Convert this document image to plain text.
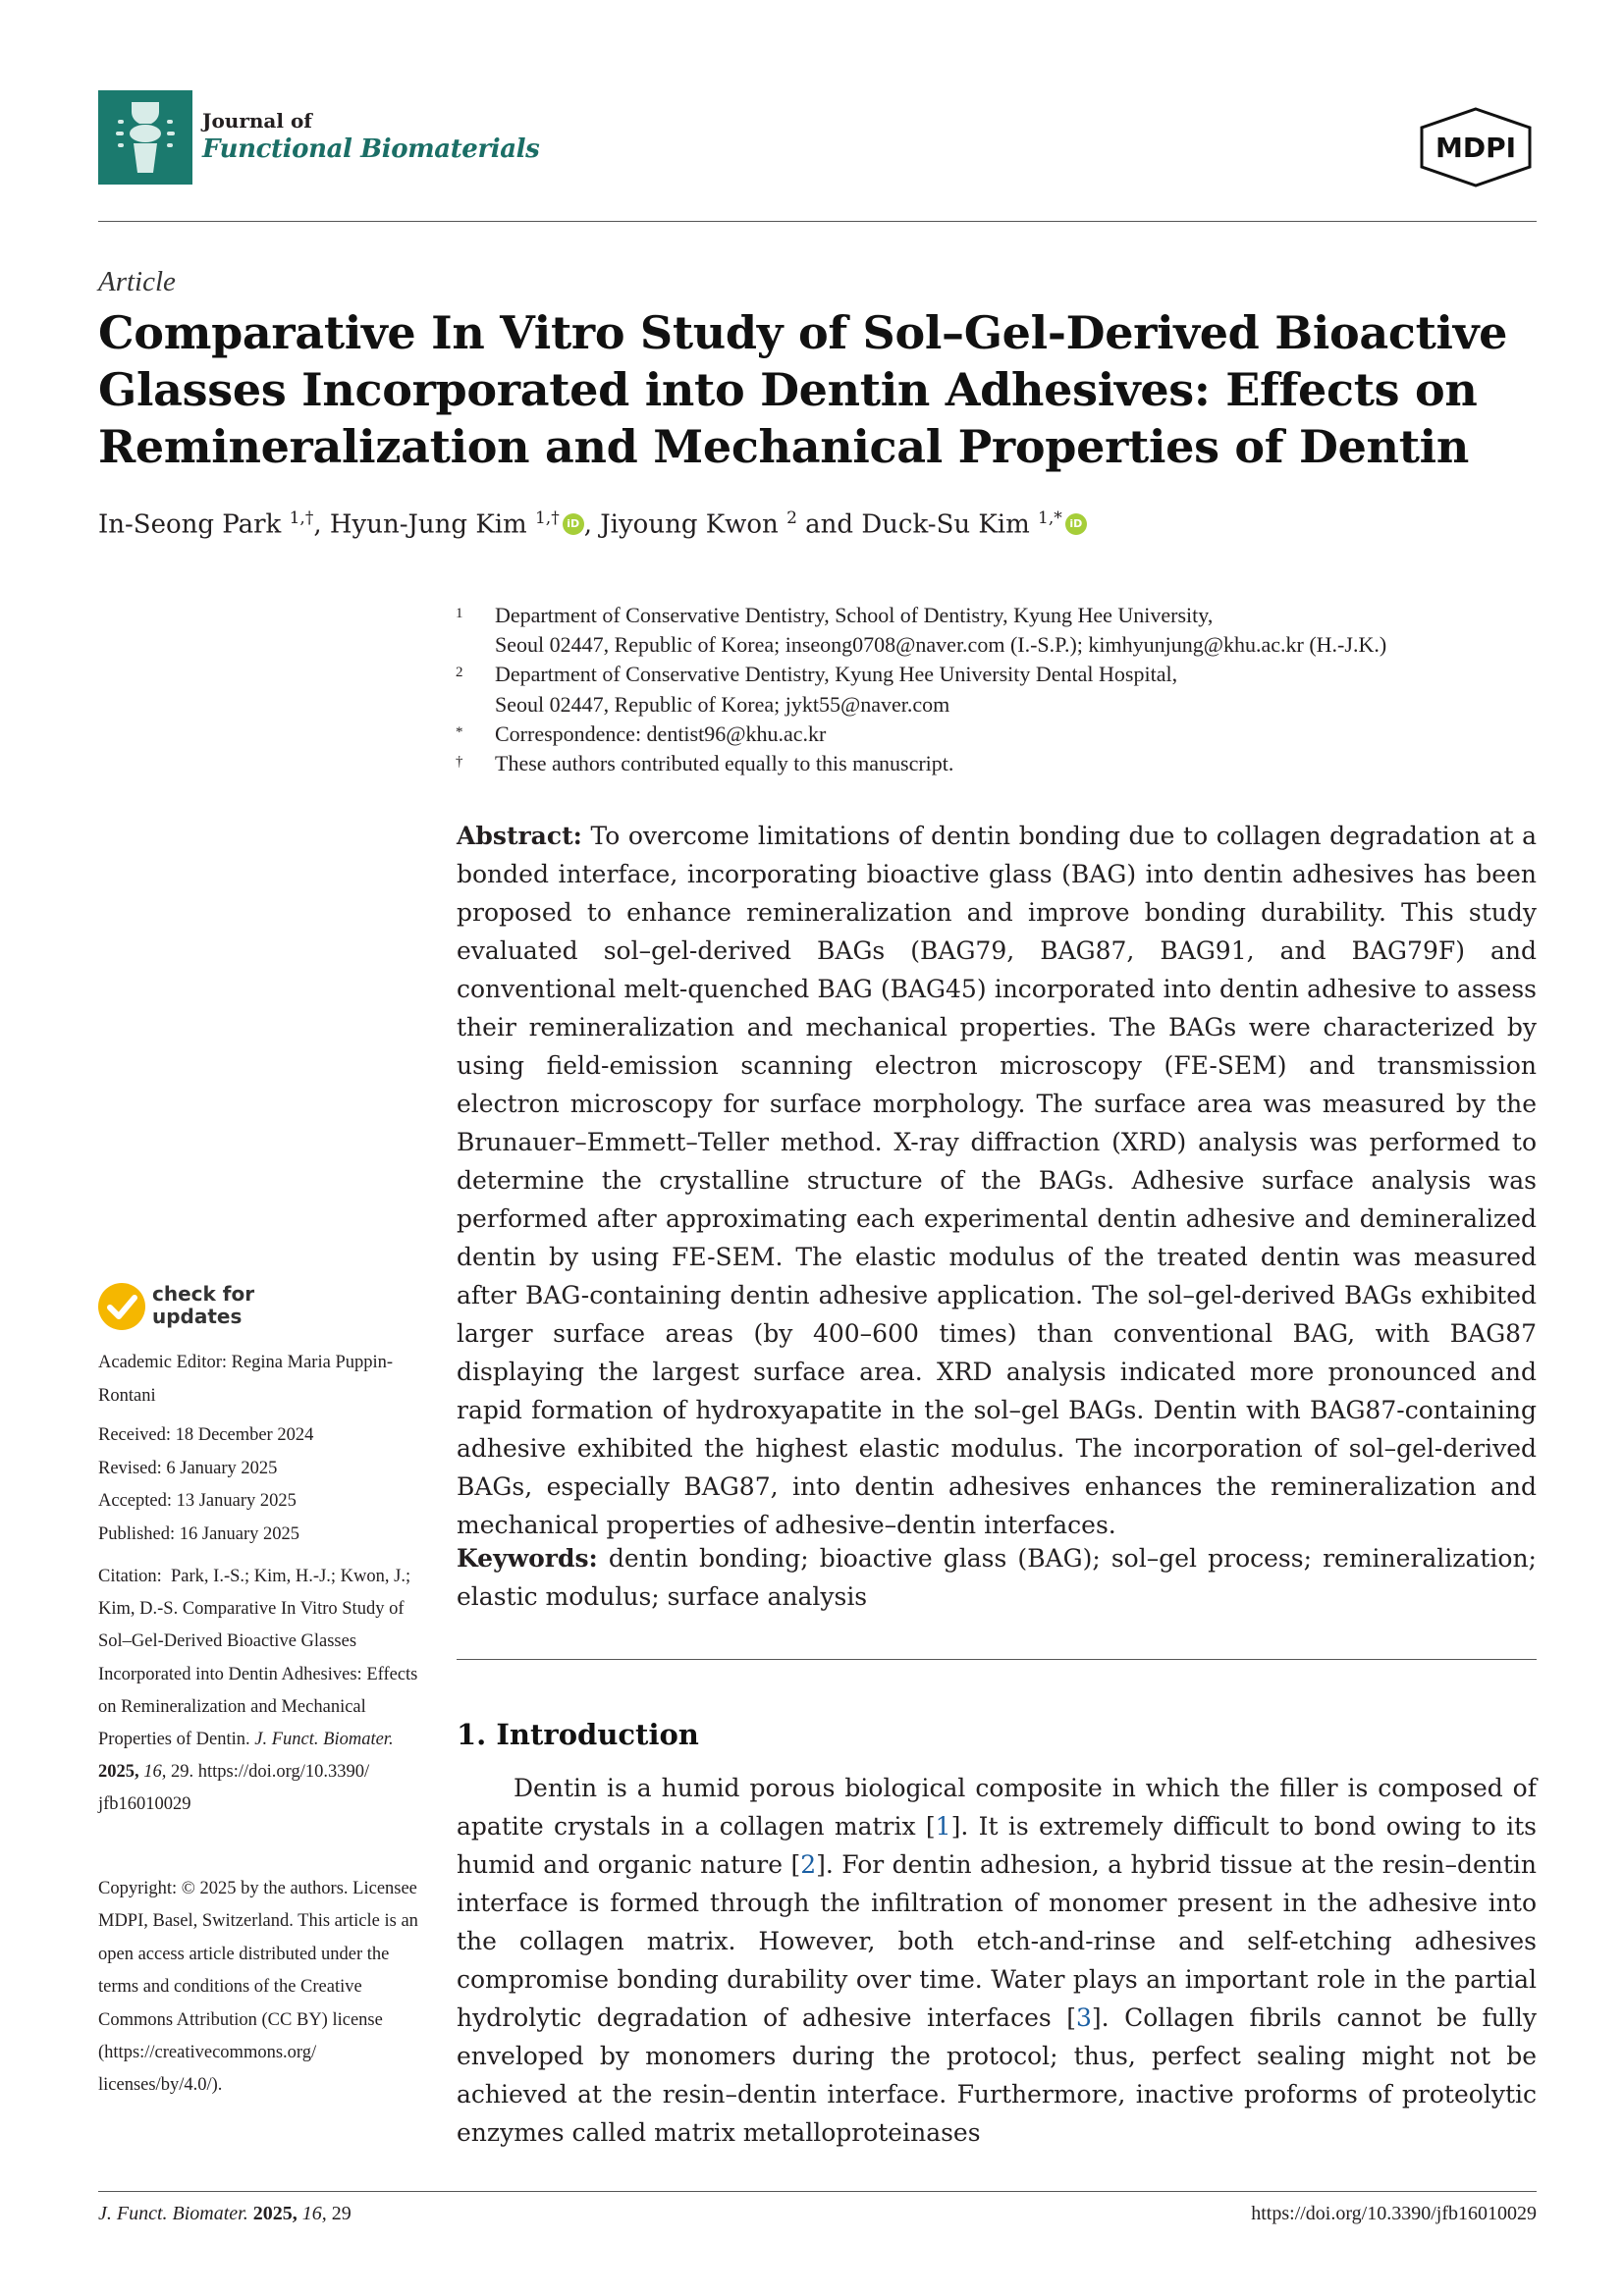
Journal of
Functional Biomaterials	MDPI
Article
Comparative In Vitro Study of Sol–Gel-Derived Bioactive Glasses Incorporated into Dentin Adhesives: Effects on Remineralization and Mechanical Properties of Dentin
In-Seong Park $^{1,\dagger}$, Hyun-Jung Kim $^{1,\dagger}$ iD , Jiyoung Kwon $^2$ and Duck-Su Kim $^{1,*}$ iD
1	Department of Conservative Dentistry, School of Dentistry, Kyung Hee University,
Seoul 02447, Republic of Korea; inseong0708@naver.com (I.-S.P.); kimhyunjung@khu.ac.kr (H.-J.K.)
2	Department of Conservative Dentistry, Kyung Hee University Dental Hospital,
Seoul 02447, Republic of Korea; jykt55@naver.com
*	Correspondence: dentist96@khu.ac.kr
†	These authors contributed equally to this manuscript.
Abstract: To overcome limitations of dentin bonding due to collagen degradation at a bonded interface, incorporating bioactive glass (BAG) into dentin adhesives has been proposed to enhance remineralization and improve bonding durability. This study evaluated sol–gel-derived BAGs (BAG79, BAG87, BAG91, and BAG79F) and conventional melt-quenched BAG (BAG45) incorporated into dentin adhesive to assess their remineralization and mechanical properties. The BAGs were characterized by using field-emission scanning electron microscopy (FE-SEM) and transmission electron microscopy for surface morphology. The surface area was measured by the Brunauer–Emmett–Teller method. X-ray diffraction (XRD) analysis was performed to determine the crystalline structure of the BAGs. Adhesive surface analysis was performed after approximating each experimental dentin adhesive and demineralized dentin by using FE-SEM. The elastic modulus of the treated dentin was measured after BAG-containing dentin adhesive application. The sol–gel-derived BAGs exhibited larger surface areas (by 400–600 times) than conventional BAG, with BAG87 displaying the largest surface area. XRD analysis indicated more pronounced and rapid formation of hydroxyapatite in the sol–gel BAGs. Dentin with BAG87-containing adhesive exhibited the highest elastic modulus. The incorporation of sol–gel-derived BAGs, especially BAG87, into dentin adhesives enhances the remineralization and mechanical properties of adhesive–dentin interfaces.
Keywords: dentin bonding; bioactive glass (BAG); sol–gel process; remineralization; elastic modulus; surface analysis
1. Introduction
Dentin is a humid porous biological composite in which the filler is composed of apatite crystals in a collagen matrix [1]. It is extremely difficult to bond owing to its humid and organic nature [2]. For dentin adhesion, a hybrid tissue at the resin–dentin interface is formed through the infiltration of monomer present in the adhesive into the collagen matrix. However, both etch-and-rinse and self-etching adhesives compromise bonding durability over time. Water plays an important role in the partial hydrolytic degradation of adhesive interfaces [3]. Collagen fibrils cannot be fully enveloped by monomers during the protocol; thus, perfect sealing might not be achieved at the resin–dentin interface. Furthermore, inactive proforms of proteolytic enzymes called matrix metalloproteinases
check for
updates
Academic Editor: Regina Maria Puppin-Rontani
Received: 18 December 2024
Revised: 6 January 2025
Accepted: 13 January 2025
Published: 16 January 2025
Citation: Park, I.-S.; Kim, H.-J.; Kwon, J.; Kim, D.-S. Comparative In Vitro Study of Sol–Gel-Derived Bioactive Glasses Incorporated into Dentin Adhesives: Effects on Remineralization and Mechanical Properties of Dentin. J. Funct. Biomater. 2025, 16, 29. https://doi.org/10.3390/ jfb16010029
Copyright: © 2025 by the authors. Licensee MDPI, Basel, Switzerland. This article is an open access article distributed under the terms and conditions of the Creative Commons Attribution (CC BY) license (https://creativecommons.org/ licenses/by/4.0/).
J. Funct. Biomater. 2025, 16, 29	https://doi.org/10.3390/jfb16010029
